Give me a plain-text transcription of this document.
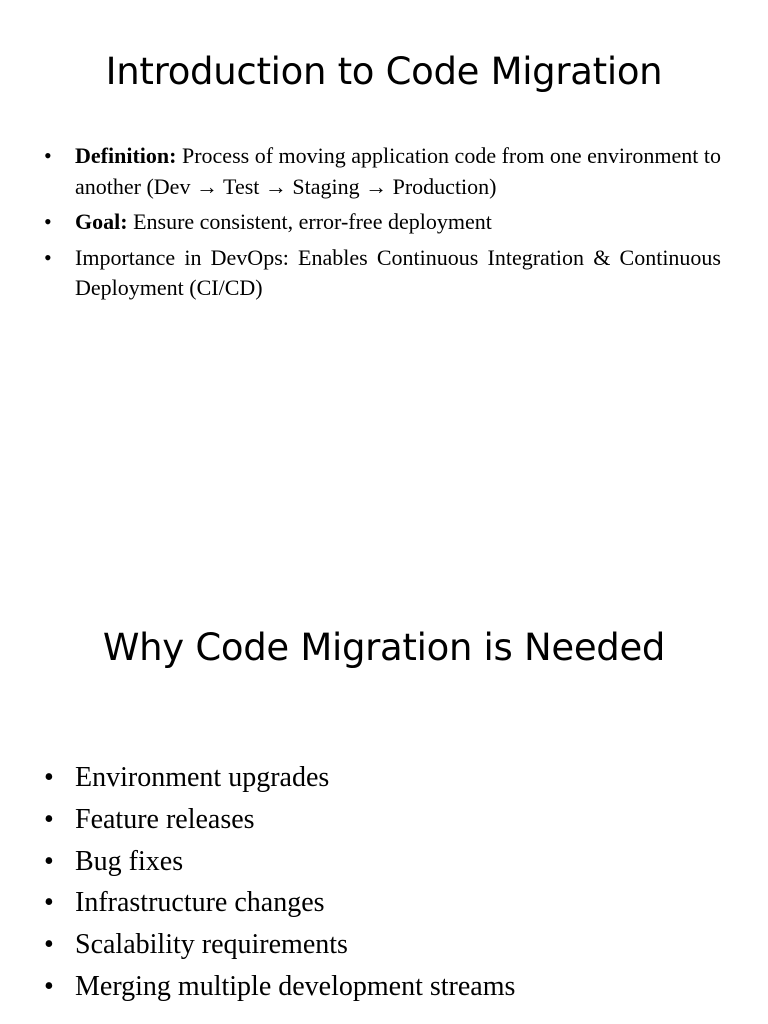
Introduction to Code Migration
• Definition: Process of moving application code from one environment to another (Dev → Test → Staging → Production)
• Goal: Ensure consistent, error-free deployment
• Importance in DevOps: Enables Continuous Integration & Continuous Deployment (CI/CD)
Why Code Migration is Needed
• Environment upgrades
• Feature releases
• Bug fixes
• Infrastructure changes
• Scalability requirements
• Merging multiple development streams
